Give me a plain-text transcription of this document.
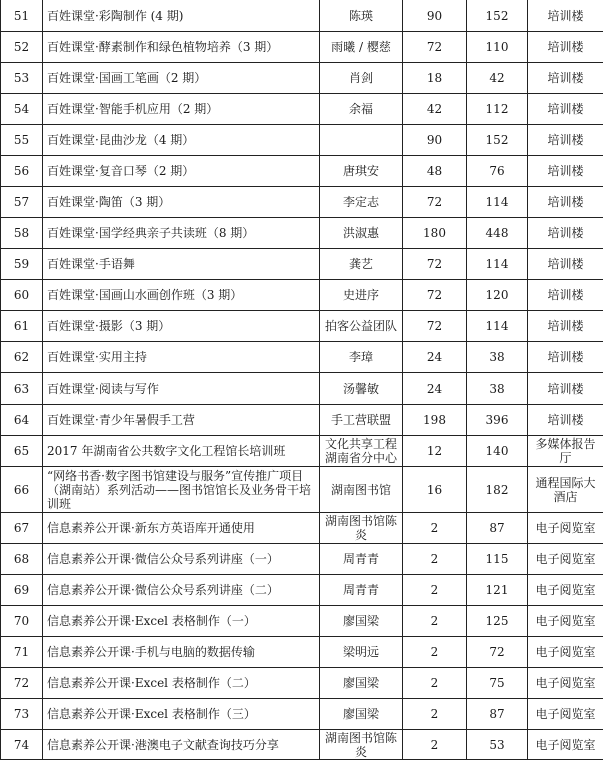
51	百姓课堂·彩陶制作 (4 期)	陈瑛	90	152	培训楼
52	百姓课堂·酵素制作和绿色植物培养（3 期）	雨曦 / 樱慈	72	110	培训楼
53	百姓课堂·国画工笔画（2 期）	肖剑	18	42	培训楼
54	百姓课堂·智能手机应用（2 期）	余福	42	112	培训楼
55	百姓课堂·昆曲沙龙（4 期）		90	152	培训楼
56	百姓课堂·复音口琴（2 期）	唐琪安	48	76	培训楼
57	百姓课堂·陶笛（3 期）	李定志	72	114	培训楼
58	百姓课堂·国学经典亲子共读班（8 期）	洪淑惠	180	448	培训楼
59	百姓课堂·手语舞	龚艺	72	114	培训楼
60	百姓课堂·国画山水画创作班（3 期）	史进序	72	120	培训楼
61	百姓课堂·摄影（3 期）	拍客公益团队	72	114	培训楼
62	百姓课堂·实用主持	李璋	24	38	培训楼
63	百姓课堂·阅读与写作	汤馨敏	24	38	培训楼
64	百姓课堂·青少年暑假手工营	手工营联盟	198	396	培训楼
65	2017 年湖南省公共数字文化工程馆长培训班	文化共享工程湖南省分中心	12	140	多媒体报告厅
66	“网络书香·数字图书馆建设与服务”宣传推广项目（湖南站）系列活动——图书馆馆长及业务骨干培训班	湖南图书馆	16	182	通程国际大酒店
67	信息素养公开课·新东方英语库开通使用	湖南图书馆陈炎	2	87	电子阅览室
68	信息素养公开课·微信公众号系列讲座（一）	周青青	2	115	电子阅览室
69	信息素养公开课·微信公众号系列讲座（二）	周青青	2	121	电子阅览室
70	信息素养公开课·Excel 表格制作（一）	廖国梁	2	125	电子阅览室
71	信息素养公开课·手机与电脑的数据传输	梁明远	2	72	电子阅览室
72	信息素养公开课·Excel 表格制作（二）	廖国梁	2	75	电子阅览室
73	信息素养公开课·Excel 表格制作（三）	廖国梁	2	87	电子阅览室
74	信息素养公开课·港澳电子文献查询技巧分享	湖南图书馆陈炎	2	53	电子阅览室
